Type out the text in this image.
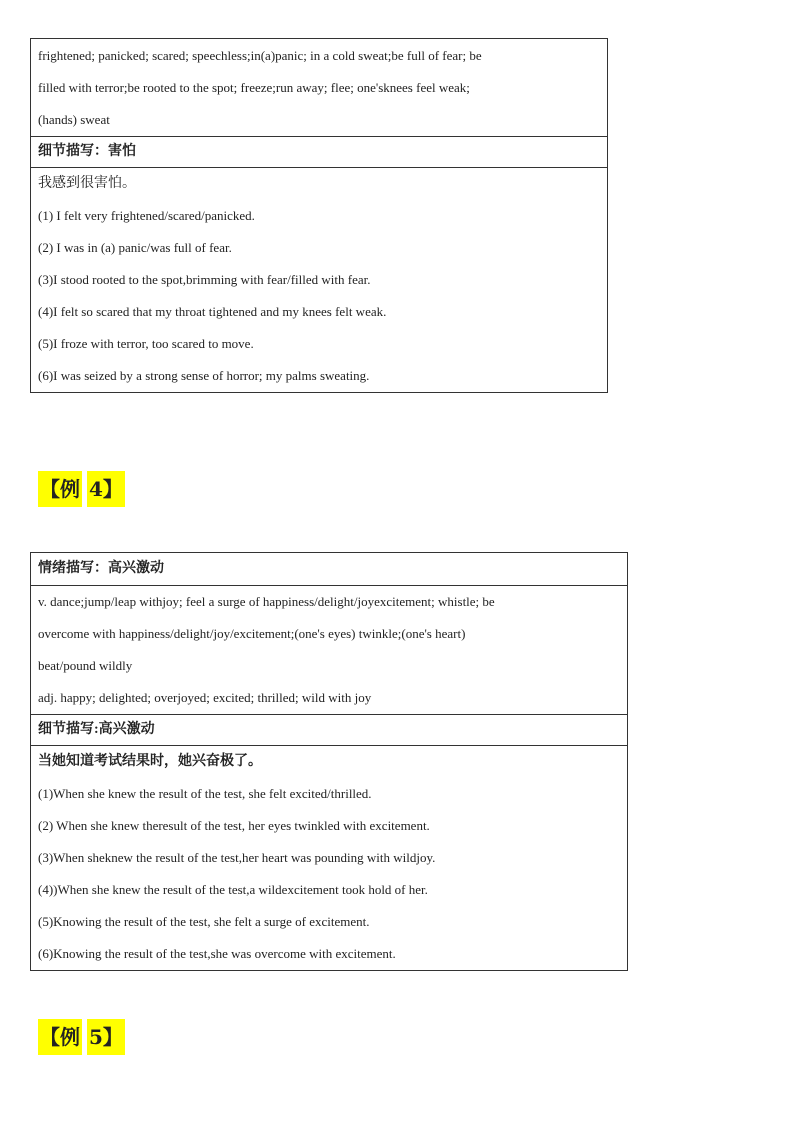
frightened; panicked; scared; speechless;in(a)panic; in a cold sweat;be full of fear; be
filled with terror;be rooted to the spot; freeze;run away; flee; one'sknees feel weak;
(hands) sweat
细节描写：害怕
我感到很害怕。
(1) I felt very frightened/scared/panicked.
(2) I was in (a) panic/was full of fear.
(3)I stood rooted to the spot,brimming with fear/filled with fear.
(4)I felt so scared that my throat tightened and my knees felt weak.
(5)I froze with terror, too scared to move.
(6)I was seized by a strong sense of horror; my palms sweating.
【例 4】
情绪描写：高兴激动
v. dance;jump/leap withjoy; feel a surge of happiness/delight/joyexcitement; whistle; be
overcome with happiness/delight/joy/excitement;(one's eyes) twinkle;(one's heart)
beat/pound wildly
adj. happy; delighted; overjoyed; excited; thrilled; wild with joy
细节描写:高兴激动
当她知道考试结果时，她兴奋极了。
(1)When she knew the result of the test, she felt excited/thrilled.
(2) When she knew theresult of the test, her eyes twinkled with excitement.
(3)When sheknew the result of the test,her heart was pounding with wildjoy.
(4))When she knew the result of the test,a wildexcitement took hold of her.
(5)Knowing the result of the test, she felt a surge of excitement.
(6)Knowing the result of the test,she was overcome with excitement.
【例 5】
